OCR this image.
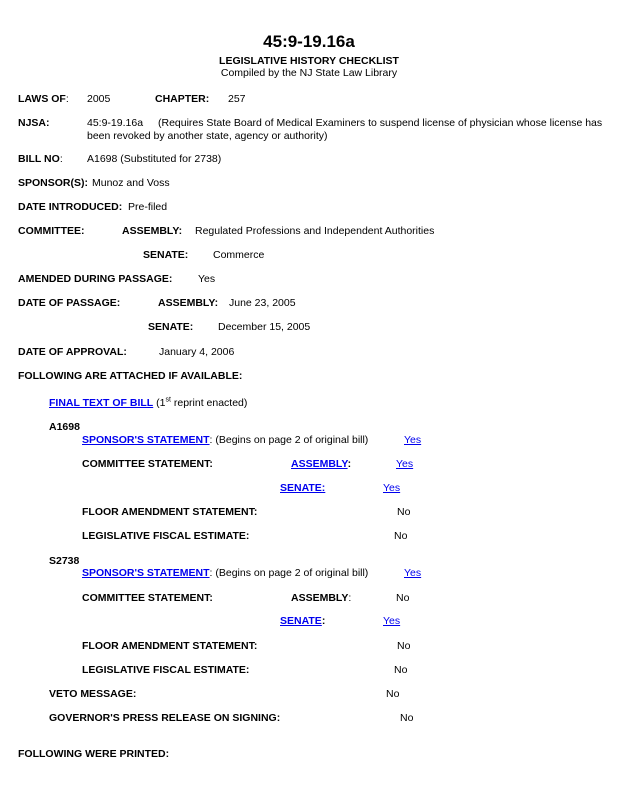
45:9-19.16a
LEGISLATIVE HISTORY CHECKLIST
Compiled by the NJ State Law Library
LAWS OF: 2005	CHAPTER: 257
NJSA:	45:9-19.16a	(Requires State Board of Medical Examiners to suspend license of physician whose license has been revoked by another state, agency or authority)
BILL NO: A1698 (Substituted for 2738)
SPONSOR(S): Munoz and Voss
DATE INTRODUCED: Pre-filed
COMMITTEE:	ASSEMBLY: Regulated Professions and Independent Authorities
SENATE: Commerce
AMENDED DURING PASSAGE: Yes
DATE OF PASSAGE:	ASSEMBLY: June 23, 2005
SENATE: December 15, 2005
DATE OF APPROVAL:	January 4, 2006
FOLLOWING ARE ATTACHED IF AVAILABLE:
FINAL TEXT OF BILL (1st reprint enacted)
A1698
SPONSOR'S STATEMENT: (Begins on page 2 of original bill)	Yes
COMMITTEE STATEMENT:	ASSEMBLY:	Yes
SENATE:	Yes
FLOOR AMENDMENT STATEMENT:	No
LEGISLATIVE FISCAL ESTIMATE:	No
S2738
SPONSOR'S STATEMENT: (Begins on page 2 of original bill)	Yes
COMMITTEE STATEMENT:	ASSEMBLY:	No
SENATE:	Yes
FLOOR AMENDMENT STATEMENT:	No
LEGISLATIVE FISCAL ESTIMATE:	No
VETO MESSAGE:	No
GOVERNOR'S PRESS RELEASE ON SIGNING:	No
FOLLOWING WERE PRINTED:
